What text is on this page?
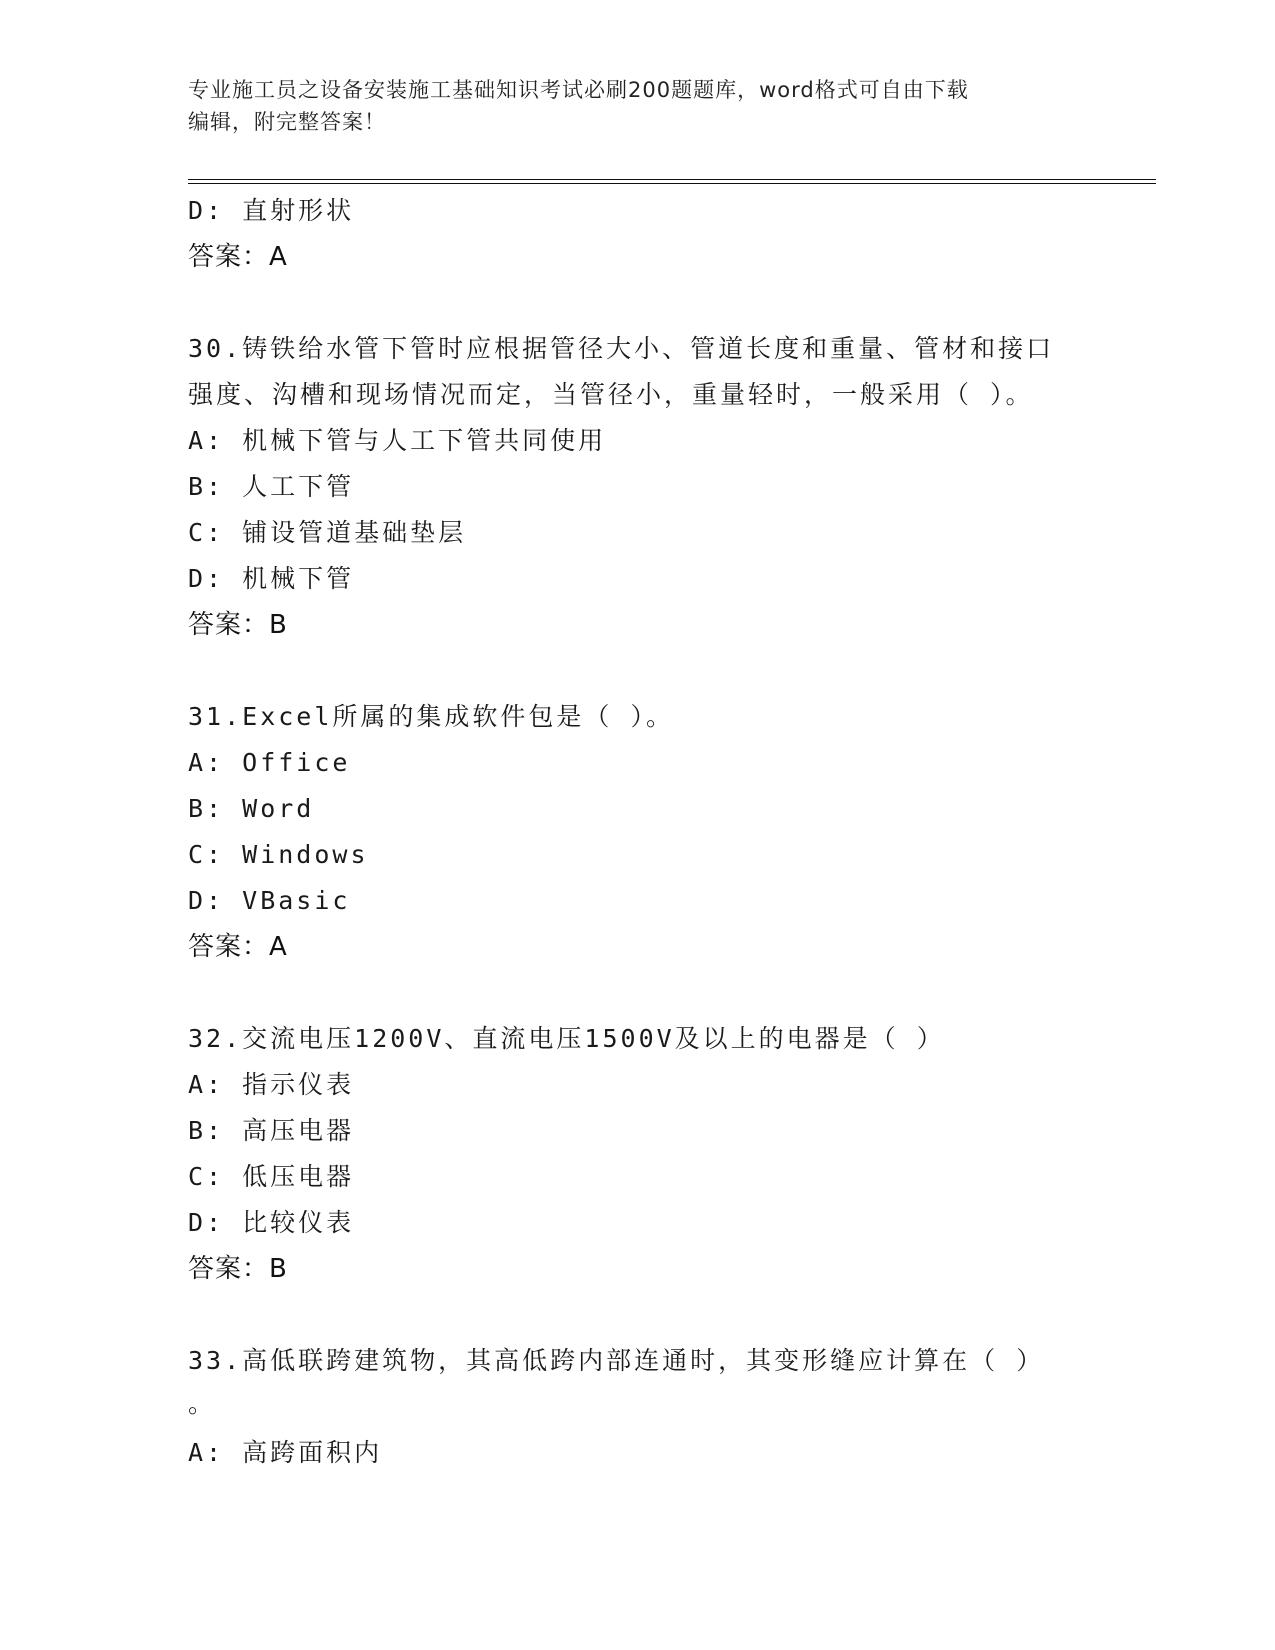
专业施工员之设备安装施工基础知识考试必刷200题题库，word格式可自由下载
编辑，附完整答案！
D: 直射形状
答案：A
30.铸铁给水管下管时应根据管径大小、管道长度和重量、管材和接口
强度、沟槽和现场情况而定，当管径小，重量轻时，一般采用（ ）。
A: 机械下管与人工下管共同使用
B: 人工下管
C: 铺设管道基础垫层
D: 机械下管
答案：B
31.Excel所属的集成软件包是（ ）。
A: Office
B: Word
C: Windows
D: VBasic
答案：A
32.交流电压1200V、直流电压1500V及以上的电器是（ ）
A: 指示仪表
B: 高压电器
C: 低压电器
D: 比较仪表
答案：B
33.高低联跨建筑物，其高低跨内部连通时，其变形缝应计算在（ ）
。
A: 高跨面积内
